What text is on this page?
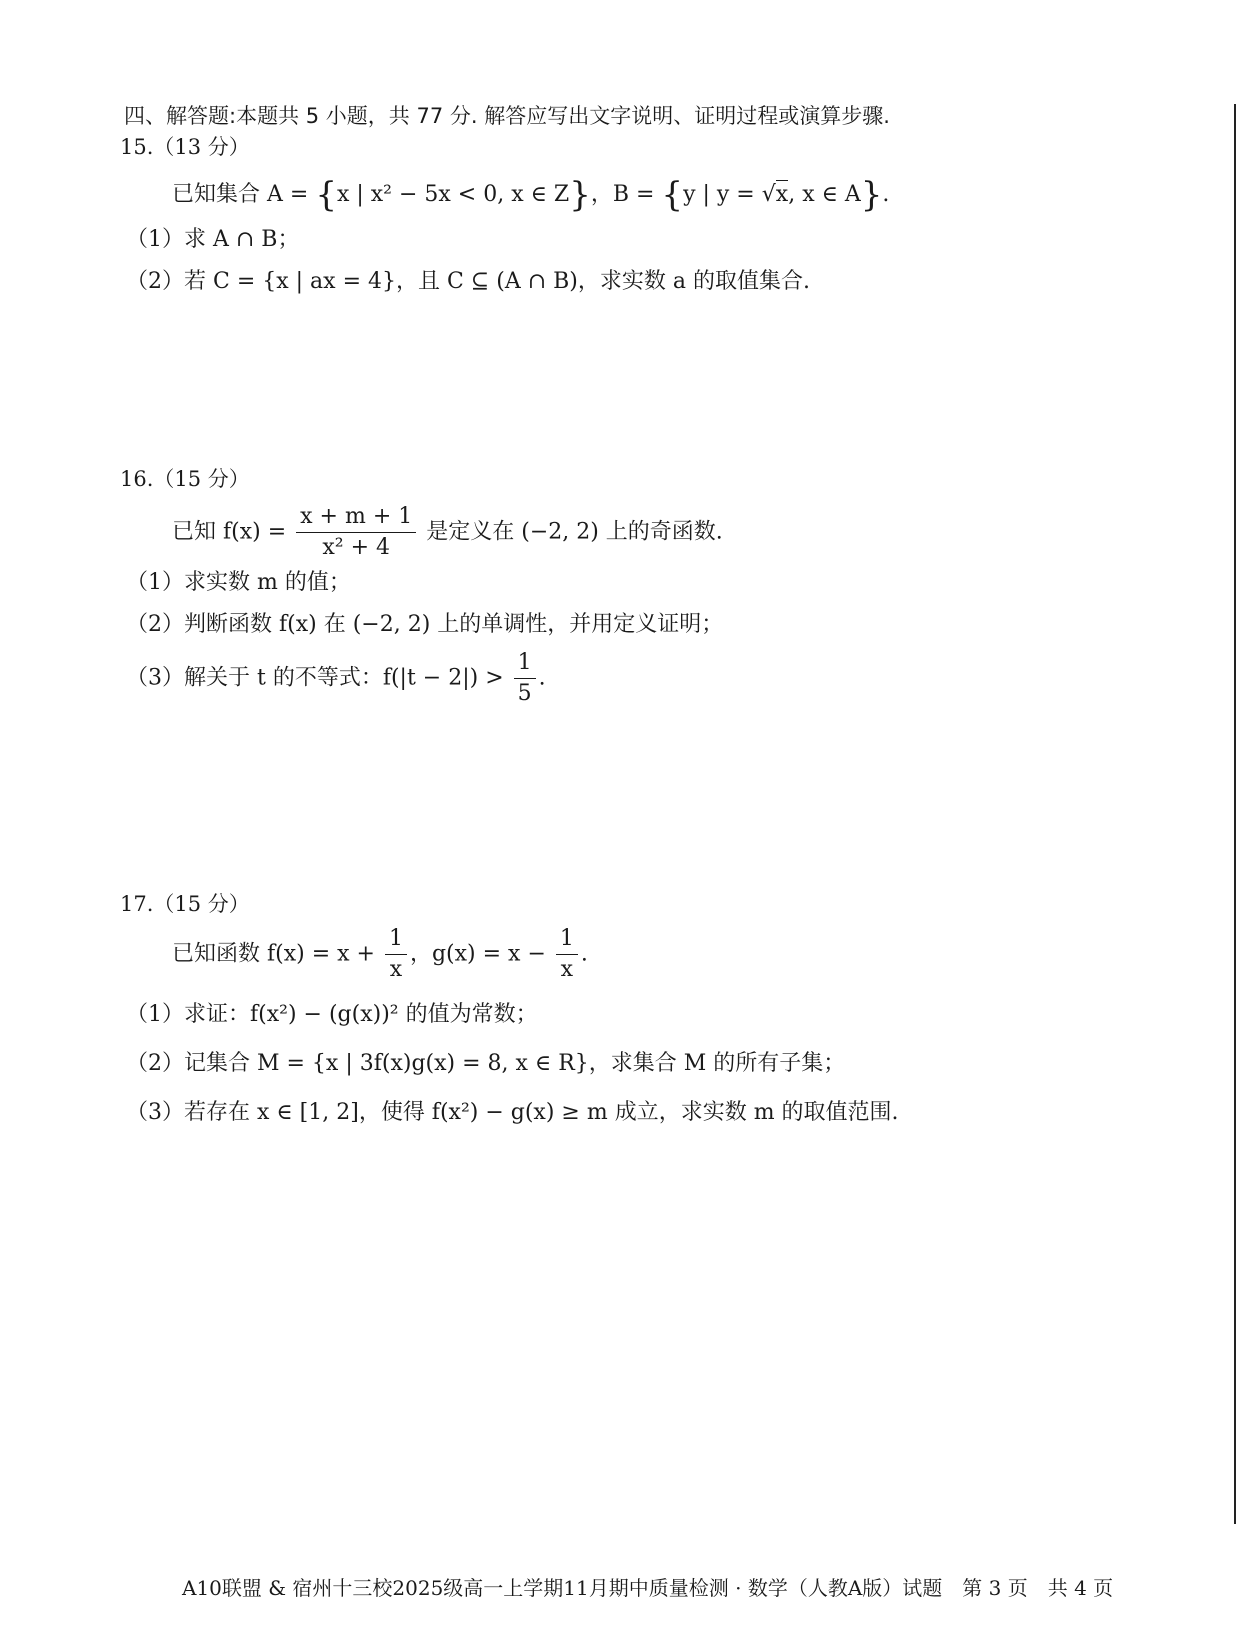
四、解答题:本题共 5 小题，共 77 分. 解答应写出文字说明、证明过程或演算步骤.
15.（13 分）
已知集合 A = {x | x² − 5x < 0, x ∈ Z}，B = {y | y = √x, x ∈ A}.
（1）求 A ∩ B；
（2）若 C = {x | ax = 4}，且 C ⊆ (A ∩ B)，求实数 a 的取值集合.
16.（15 分）
已知 $f(x) = \frac{x + m + 1}{\text{x² + 4}}$ 是定义在 (−2, 2) 上的奇函数.
（1）求实数 m 的值；
（2）判断函数 f(x) 在 (−2, 2) 上的单调性，并用定义证明；
（3）解关于 t 的不等式：$f(|t - 2|) > \frac{1}{5}$ .
17.（15 分）
已知函数 $f(x) = x + \frac{1}{x}$ ，$g(x) = x - \frac{1}{x}$ .
（1）求证：f(x²) − (g(x))² 的值为常数；
（2）记集合 M = {x | 3f(x)g(x) = 8, x ∈ R}，求集合 M 的所有子集；
（3）若存在 x ∈ [1, 2]，使得 f(x²) − g(x) ≥ m 成立，求实数 m 的取值范围.
A10联盟 & 宿州十三校2025级高一上学期11月期中质量检测 · 数学（人教A版）试题　第 3 页　共 4 页
